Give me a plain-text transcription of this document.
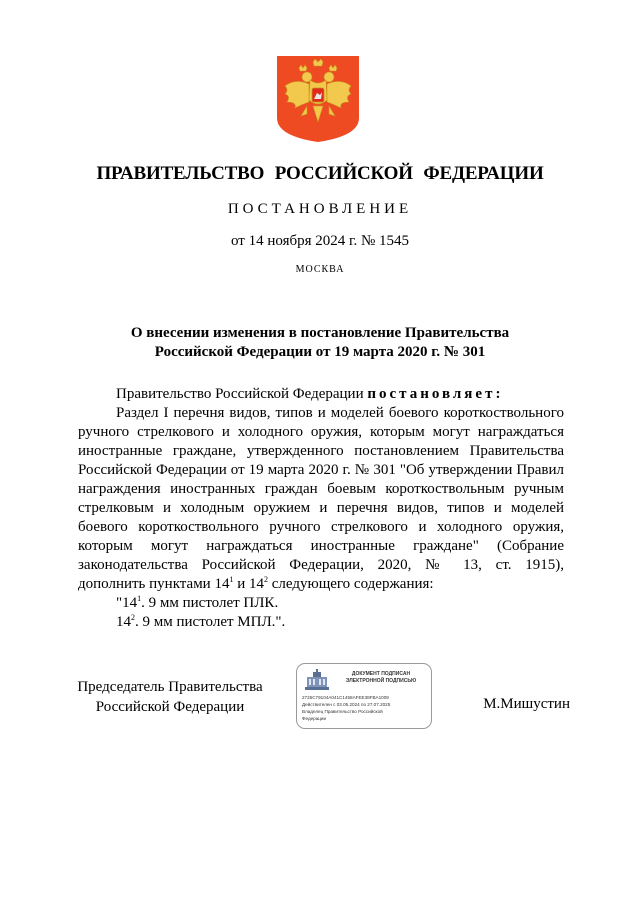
ПРАВИТЕЛЬСТВО РОССИЙСКОЙ ФЕДЕРАЦИИ
ПОСТАНОВЛЕНИЕ
от 14 ноября 2024 г. № 1545
МОСКВА
О внесении изменения в постановление Правительства
Российской Федерации от 19 марта 2020 г. № 301
Правительство Российской Федерации постановляет:
Раздел I перечня видов, типов и моделей боевого короткоствольного
ручного стрелкового и холодного оружия, которым могут награждаться
иностранные граждане, утвержденного постановлением Правительства
Российской Федерации от 19 марта 2020 г. № 301 "Об утверждении Правил
награждения иностранных граждан боевым короткоствольным ручным
стрелковым и холодным оружием и перечня видов, типов и моделей
боевого короткоствольного ручного стрелкового и холодного оружия,
которым могут награждаться иностранные граждане" (Собрание
законодательства Российской Федерации, 2020, № 13, ст. 1915),
дополнить пунктами $14^1$ и $14^2$ следующего содержания:
"$14^1$. 9 мм пистолет ПЛК.
$14^2$. 9 мм пистолет МПЛ.".
Председатель Правительства
Российской Федерации
ДОКУМЕНТ ПОДПИСАН
ЭЛЕКТРОННОЙ ПОДПИСЬЮ
2726C79104A041C1458AFEE38FBA1009
Действителен с 03.05.2024 по 27.07.2025
Владелец Правительство Российской
Федерации
М.Мишустин
